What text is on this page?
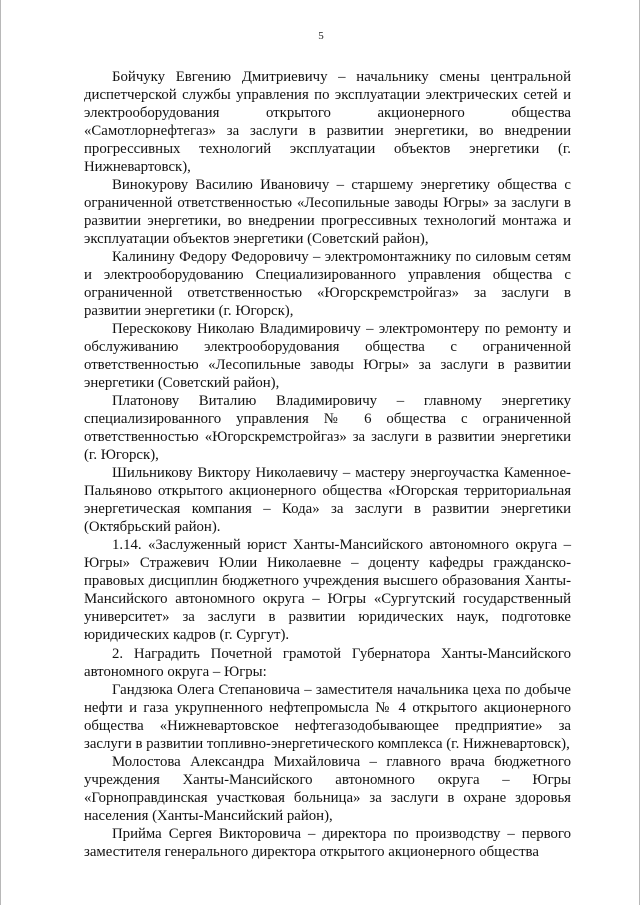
5

Бойчуку Евгению Дмитриевичу – начальнику смены центральной диспетчерской службы управления по эксплуатации электрических сетей и электрооборудования открытого акционерного общества «Самотлорнефтегаз» за заслуги в развитии энергетики, во внедрении прогрессивных технологий эксплуатации объектов энергетики (г. Нижневартовск),

Винокурову Василию Ивановичу – старшему энергетику общества с ограниченной ответственностью «Лесопильные заводы Югры» за заслуги в развитии энергетики, во внедрении прогрессивных технологий монтажа и эксплуатации объектов энергетики (Советский район),

Калинину Федору Федоровичу – электромонтажнику по силовым сетям и электрооборудованию Специализированного управления общества с ограниченной ответственностью «Югорскремстройгаз» за заслуги в развитии энергетики (г. Югорск),

Перескокову Николаю Владимировичу – электромонтеру по ремонту и обслуживанию электрооборудования общества с ограниченной ответственностью «Лесопильные заводы Югры» за заслуги в развитии энергетики (Советский район),

Платонову Виталию Владимировичу – главному энергетику специализированного управления № 6 общества с ограниченной ответственностью «Югорскремстройгаз» за заслуги в развитии энергетики (г. Югорск),

Шильникову Виктору Николаевичу – мастеру энергоучастка Каменное-Пальяново открытого акционерного общества «Югорская территориальная энергетическая компания – Кода» за заслуги в развитии энергетики (Октябрьский район).

1.14. «Заслуженный юрист Ханты-Мансийского автономного округа – Югры» Стражевич Юлии Николаевне – доценту кафедры гражданско-правовых дисциплин бюджетного учреждения высшего образования Ханты-Мансийского автономного округа – Югры «Сургутский государственный университет» за заслуги в развитии юридических наук, подготовке юридических кадров (г. Сургут).

2. Наградить Почетной грамотой Губернатора Ханты-Мансийского автономного округа – Югры:

Гандзюка Олега Степановича – заместителя начальника цеха по добыче нефти и газа укрупненного нефтепромысла № 4 открытого акционерного общества «Нижневартовское нефтегазодобывающее предприятие» за заслуги в развитии топливно-энергетического комплекса (г. Нижневартовск),

Молостова Александра Михайловича – главного врача бюджетного учреждения Ханты-Мансийского автономного округа – Югры «Горноправдинская участковая больница» за заслуги в охране здоровья населения (Ханты-Мансийский район),

Прийма Сергея Викторовича – директора по производству – первого заместителя генерального директора открытого акционерного общества
